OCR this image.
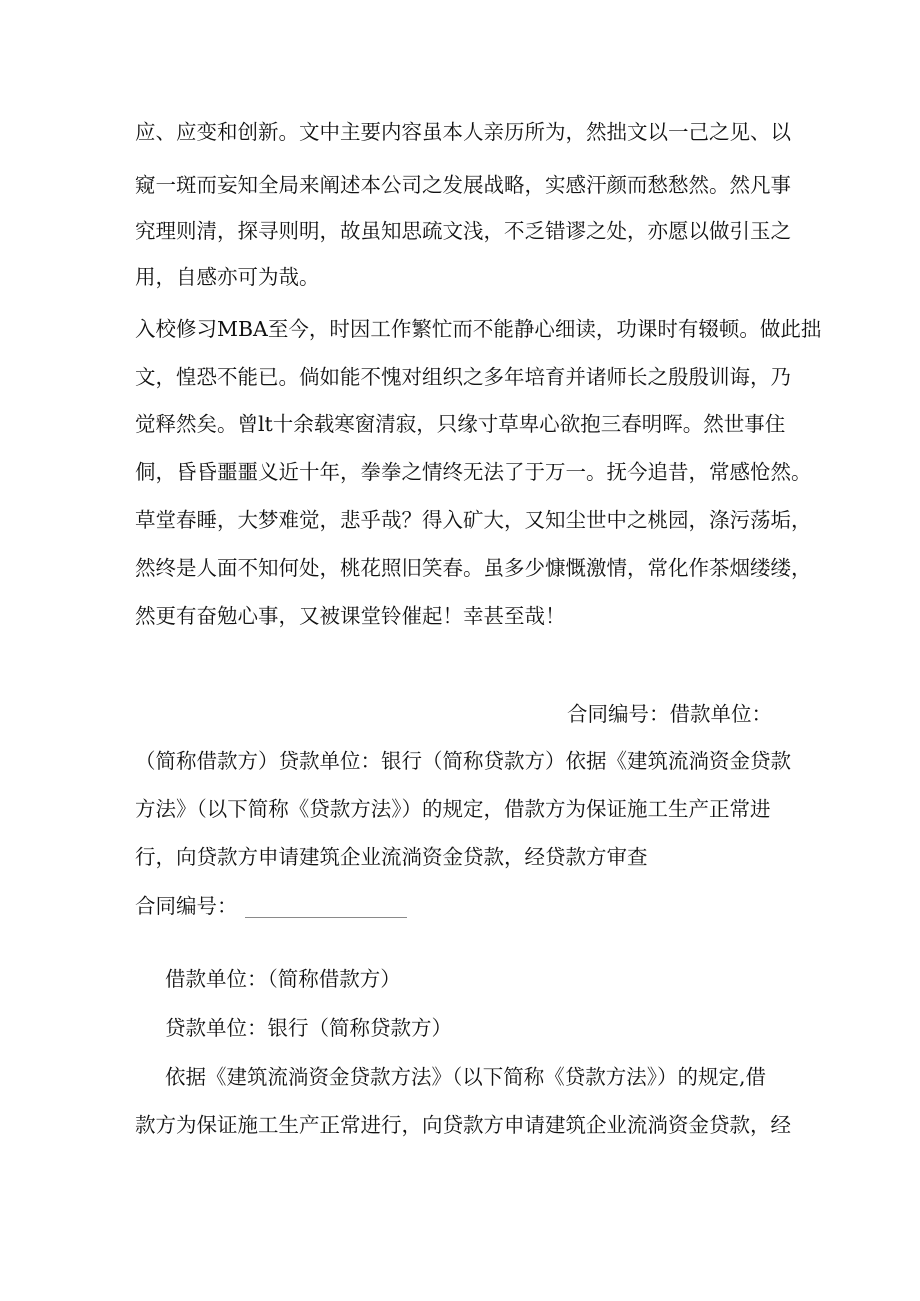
应、应变和创新。文中主要内容虽本人亲历所为，然拙文以一己之见、以
窥一斑而妄知全局来阐述本公司之发展战略，实感汗颜而愁愁然。然凡事
究理则清，探寻则明，故虽知思疏文浅，不乏错谬之处，亦愿以做引玉之
用，自感亦可为哉。
入校修习MBA至今，时因工作繁忙而不能静心细读，功课时有辍顿。做此拙
文，惶恐不能已。倘如能不愧对组织之多年培育并诸师长之殷殷训诲，乃
觉释然矣。曾lt十余载寒窗清寂，只缘寸草卑心欲抱三春明晖。然世事住
侗，昏昏噩噩义近十年，拳拳之情终无法了于万一。抚今追昔，常感怆然。
草堂春睡，大梦难觉，悲乎哉？得入矿大，又知尘世中之桃园，涤污荡垢，
然终是人面不知何处，桃花照旧笑春。虽多少慷慨激情，常化作茶烟缕缕，
然更有奋勉心事，又被课堂铃催起！幸甚至哉！
合同编号：借款单位：
（简称借款方）贷款单位：银行（简称贷款方）依据《建筑流淌资金贷款
方法》（以下简称《贷款方法》）的规定，借款方为保证施工生产正常进
行，向贷款方申请建筑企业流淌资金贷款，经贷款方审查
合同编号：
借款单位：（简称借款方）
贷款单位：银行（简称贷款方）
依据《建筑流淌资金贷款方法》（以下简称《贷款方法》）的规定,借
款方为保证施工生产正常进行，向贷款方申请建筑企业流淌资金贷款，经
